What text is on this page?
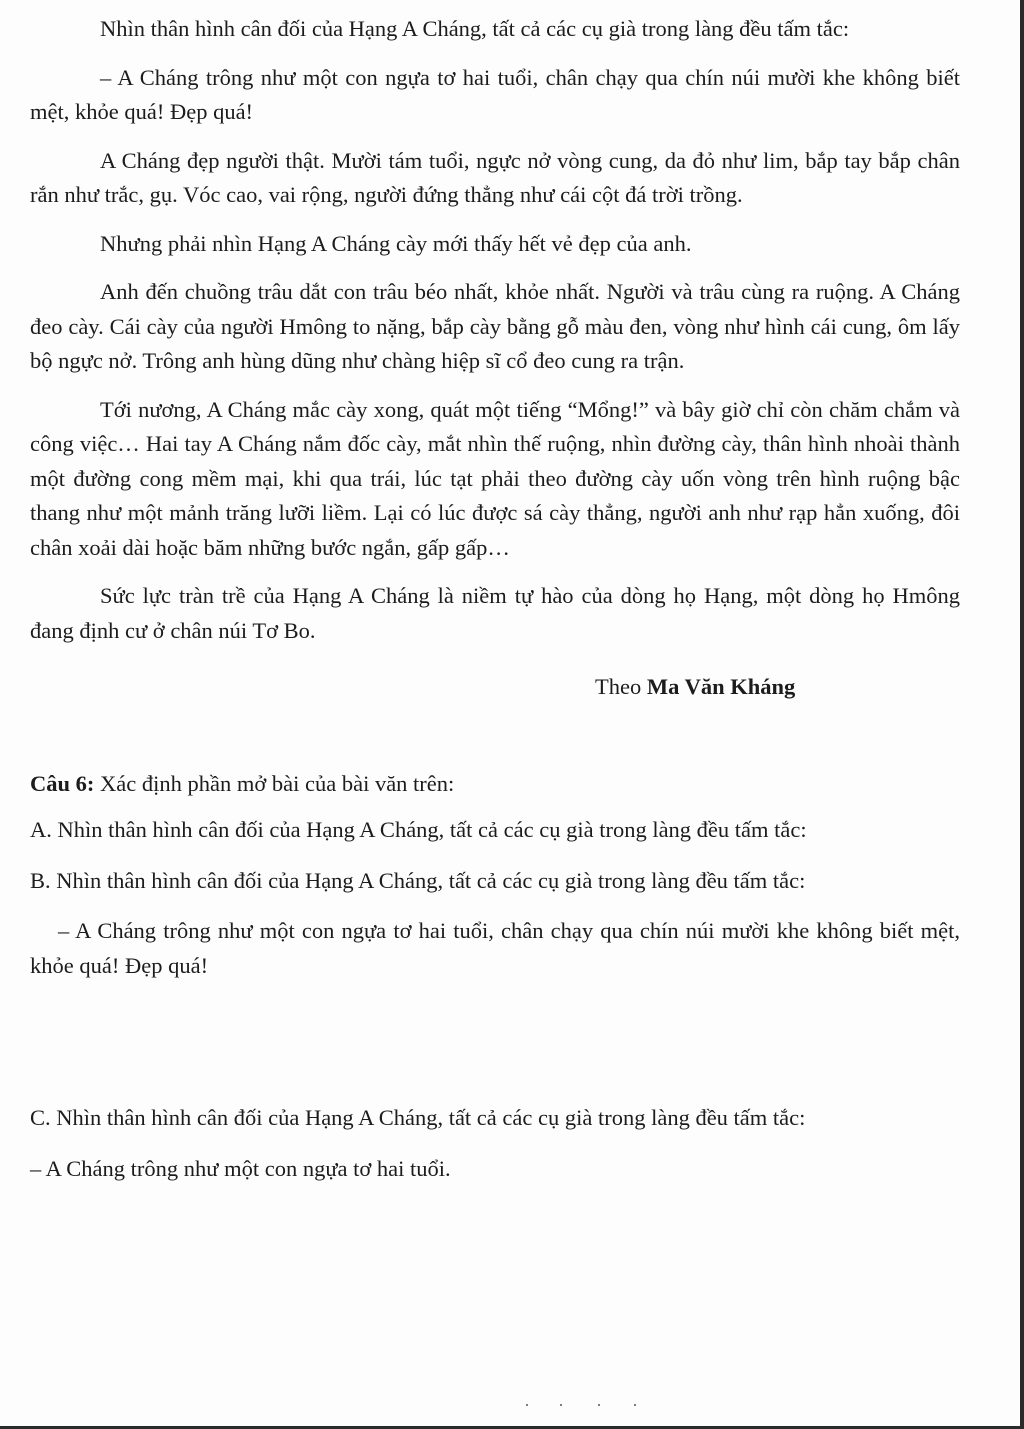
Nhìn thân hình cân đối của Hạng A Cháng, tất cả các cụ già trong làng đều tấm tắc:

– A Cháng trông như một con ngựa tơ hai tuổi, chân chạy qua chín núi mười khe không biết mệt, khỏe quá! Đẹp quá!

A Cháng đẹp người thật. Mười tám tuổi, ngực nở vòng cung, da đỏ như lim, bắp tay bắp chân rắn như trắc, gụ. Vóc cao, vai rộng, người đứng thẳng như cái cột đá trời trồng.

Nhưng phải nhìn Hạng A Cháng cày mới thấy hết vẻ đẹp của anh.

Anh đến chuồng trâu dắt con trâu béo nhất, khỏe nhất. Người và trâu cùng ra ruộng. A Cháng đeo cày. Cái cày của người Hmông to nặng, bắp cày bằng gỗ màu đen, vòng như hình cái cung, ôm lấy bộ ngực nở. Trông anh hùng dũng như chàng hiệp sĩ cổ đeo cung ra trận.

Tới nương, A Cháng mắc cày xong, quát một tiếng “Mổng!” và bây giờ chỉ còn chăm chắm và công việc… Hai tay A Cháng nắm đốc cày, mắt nhìn thế ruộng, nhìn đường cày, thân hình nhoài thành một đường cong mềm mại, khi qua trái, lúc tạt phải theo đường cày uốn vòng trên hình ruộng bậc thang như một mảnh trăng lưỡi liềm. Lại có lúc được sá cày thẳng, người anh như rạp hẳn xuống, đôi chân xoải dài hoặc băm những bước ngắn, gấp gấp…

Sức lực tràn trề của Hạng A Cháng là niềm tự hào của dòng họ Hạng, một dòng họ Hmông đang định cư ở chân núi Tơ Bo.

Theo Ma Văn Kháng

Câu 6: Xác định phần mở bài của bài văn trên:

A. Nhìn thân hình cân đối của Hạng A Cháng, tất cả các cụ già trong làng đều tấm tắc:

B. Nhìn thân hình cân đối của Hạng A Cháng, tất cả các cụ già trong làng đều tấm tắc:

– A Cháng trông như một con ngựa tơ hai tuổi, chân chạy qua chín núi mười khe không biết mệt, khỏe quá! Đẹp quá!

C. Nhìn thân hình cân đối của Hạng A Cháng, tất cả các cụ già trong làng đều tấm tắc:

– A Cháng trông như một con ngựa tơ hai tuổi.
